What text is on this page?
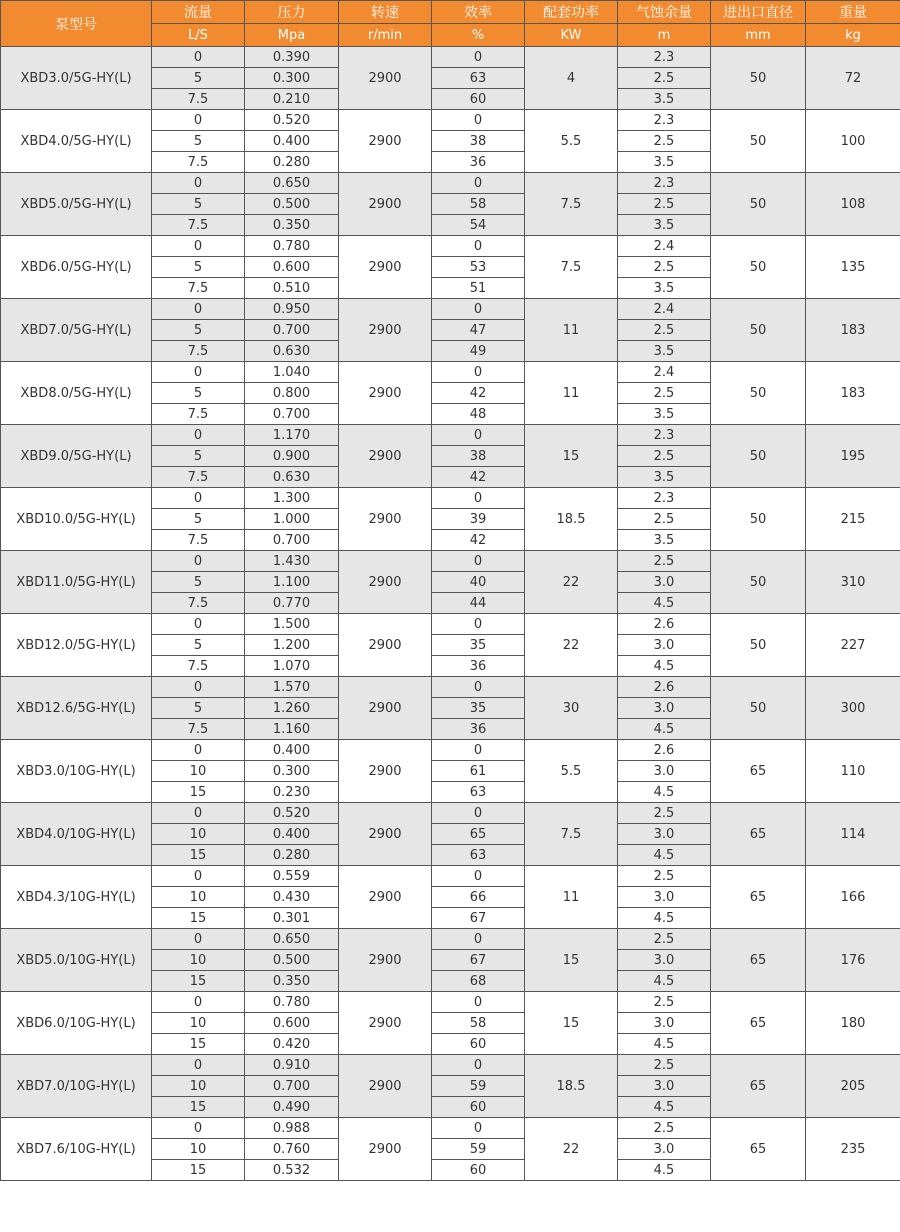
泵型号	流量	压力	转速	效率	配套功率	气蚀余量	进出口直径	重量
	L/S	Mpa	r/min	%	KW	m	mm	kg
XBD3.0/5G-HY(L)	0	0.390	2900	0	4	2.3	50	72
	5	0.300		63		2.5		
	7.5	0.210		60		3.5		
XBD4.0/5G-HY(L)	0	0.520	2900	0	5.5	2.3	50	100
	5	0.400		38		2.5		
	7.5	0.280		36		3.5		
XBD5.0/5G-HY(L)	0	0.650	2900	0	7.5	2.3	50	108
	5	0.500		58		2.5		
	7.5	0.350		54		3.5		
XBD6.0/5G-HY(L)	0	0.780	2900	0	7.5	2.4	50	135
	5	0.600		53		2.5		
	7.5	0.510		51		3.5		
XBD7.0/5G-HY(L)	0	0.950	2900	0	11	2.4	50	183
	5	0.700		47		2.5		
	7.5	0.630		49		3.5		
XBD8.0/5G-HY(L)	0	1.040	2900	0	11	2.4	50	183
	5	0.800		42		2.5		
	7.5	0.700		48		3.5		
XBD9.0/5G-HY(L)	0	1.170	2900	0	15	2.3	50	195
	5	0.900		38		2.5		
	7.5	0.630		42		3.5		
XBD10.0/5G-HY(L)	0	1.300	2900	0	18.5	2.3	50	215
	5	1.000		39		2.5		
	7.5	0.700		42		3.5		
XBD11.0/5G-HY(L)	0	1.430	2900	0	22	2.5	50	310
	5	1.100		40		3.0		
	7.5	0.770		44		4.5		
XBD12.0/5G-HY(L)	0	1.500	2900	0	22	2.6	50	227
	5	1.200		35		3.0		
	7.5	1.070		36		4.5		
XBD12.6/5G-HY(L)	0	1.570	2900	0	30	2.6	50	300
	5	1.260		35		3.0		
	7.5	1.160		36		4.5		
XBD3.0/10G-HY(L)	0	0.400	2900	0	5.5	2.6	65	110
	10	0.300		61		3.0		
	15	0.230		63		4.5		
XBD4.0/10G-HY(L)	0	0.520	2900	0	7.5	2.5	65	114
	10	0.400		65		3.0		
	15	0.280		63		4.5		
XBD4.3/10G-HY(L)	0	0.559	2900	0	11	2.5	65	166
	10	0.430		66		3.0		
	15	0.301		67		4.5		
XBD5.0/10G-HY(L)	0	0.650	2900	0	15	2.5	65	176
	10	0.500		67		3.0		
	15	0.350		68		4.5		
XBD6.0/10G-HY(L)	0	0.780	2900	0	15	2.5	65	180
	10	0.600		58		3.0		
	15	0.420		60		4.5		
XBD7.0/10G-HY(L)	0	0.910	2900	0	18.5	2.5	65	205
	10	0.700		59		3.0		
	15	0.490		60		4.5		
XBD7.6/10G-HY(L)	0	0.988	2900	0	22	2.5	65	235
	10	0.760		59		3.0		
	15	0.532		60		4.5		
